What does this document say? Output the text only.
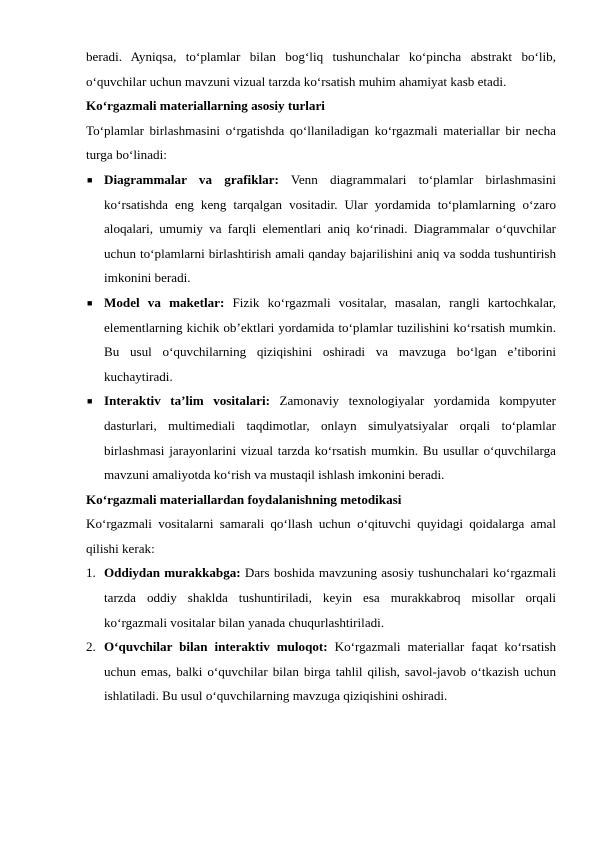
beradi. Ayniqsa, to‘plamlar bilan bog‘liq tushunchalar ko‘pincha abstrakt bo‘lib, o‘quvchilar uchun mavzuni vizual tarzda ko‘rsatish muhim ahamiyat kasb etadi.

Ko‘rgazmali materiallarning asosiy turlari

To‘plamlar birlashmasini o‘rgatishda qo‘llaniladigan ko‘rgazmali materiallar bir necha turga bo‘linadi:

■ Diagrammalar va grafiklar: Venn diagrammalari to‘plamlar birlashmasini ko‘rsatishda eng keng tarqalgan vositadir. Ular yordamida to‘plamlarning o‘zaro aloqalari, umumiy va farqli elementlari aniq ko‘rinadi. Diagrammalar o‘quvchilar uchun to‘plamlarni birlashtirish amali qanday bajarilishini aniq va sodda tushuntirish imkonini beradi.
■ Model va maketlar: Fizik ko‘rgazmali vositalar, masalan, rangli kartochkalar, elementlarning kichik ob’ektlari yordamida to‘plamlar tuzilishini ko‘rsatish mumkin. Bu usul o‘quvchilarning qiziqishini oshiradi va mavzuga bo‘lgan e’tiborini kuchaytiradi.
■ Interaktiv ta’lim vositalari: Zamonaviy texnologiyalar yordamida kompyuter dasturlari, multimediali taqdimotlar, onlayn simulyatsiyalar orqali to‘plamlar birlashmasi jarayonlarini vizual tarzda ko‘rsatish mumkin. Bu usullar o‘quvchilarga mavzuni amaliyotda ko‘rish va mustaqil ishlash imkonini beradi.

Ko‘rgazmali materiallardan foydalanishning metodikasi

Ko‘rgazmali vositalarni samarali qo‘llash uchun o‘qituvchi quyidagi qoidalarga amal qilishi kerak:

1. Oddiydan murakkabga: Dars boshida mavzuning asosiy tushunchalari ko‘rgazmali tarzda oddiy shaklda tushuntiriladi, keyin esa murakkabroq misollar orqali ko‘rgazmali vositalar bilan yanada chuqurlashtiriladi.
2. O‘quvchilar bilan interaktiv muloqot: Ko‘rgazmali materiallar faqat ko‘rsatish uchun emas, balki o‘quvchilar bilan birga tahlil qilish, savol-javob o‘tkazish uchun ishlatiladi. Bu usul o‘quvchilarning mavzuga qiziqishini oshiradi.
